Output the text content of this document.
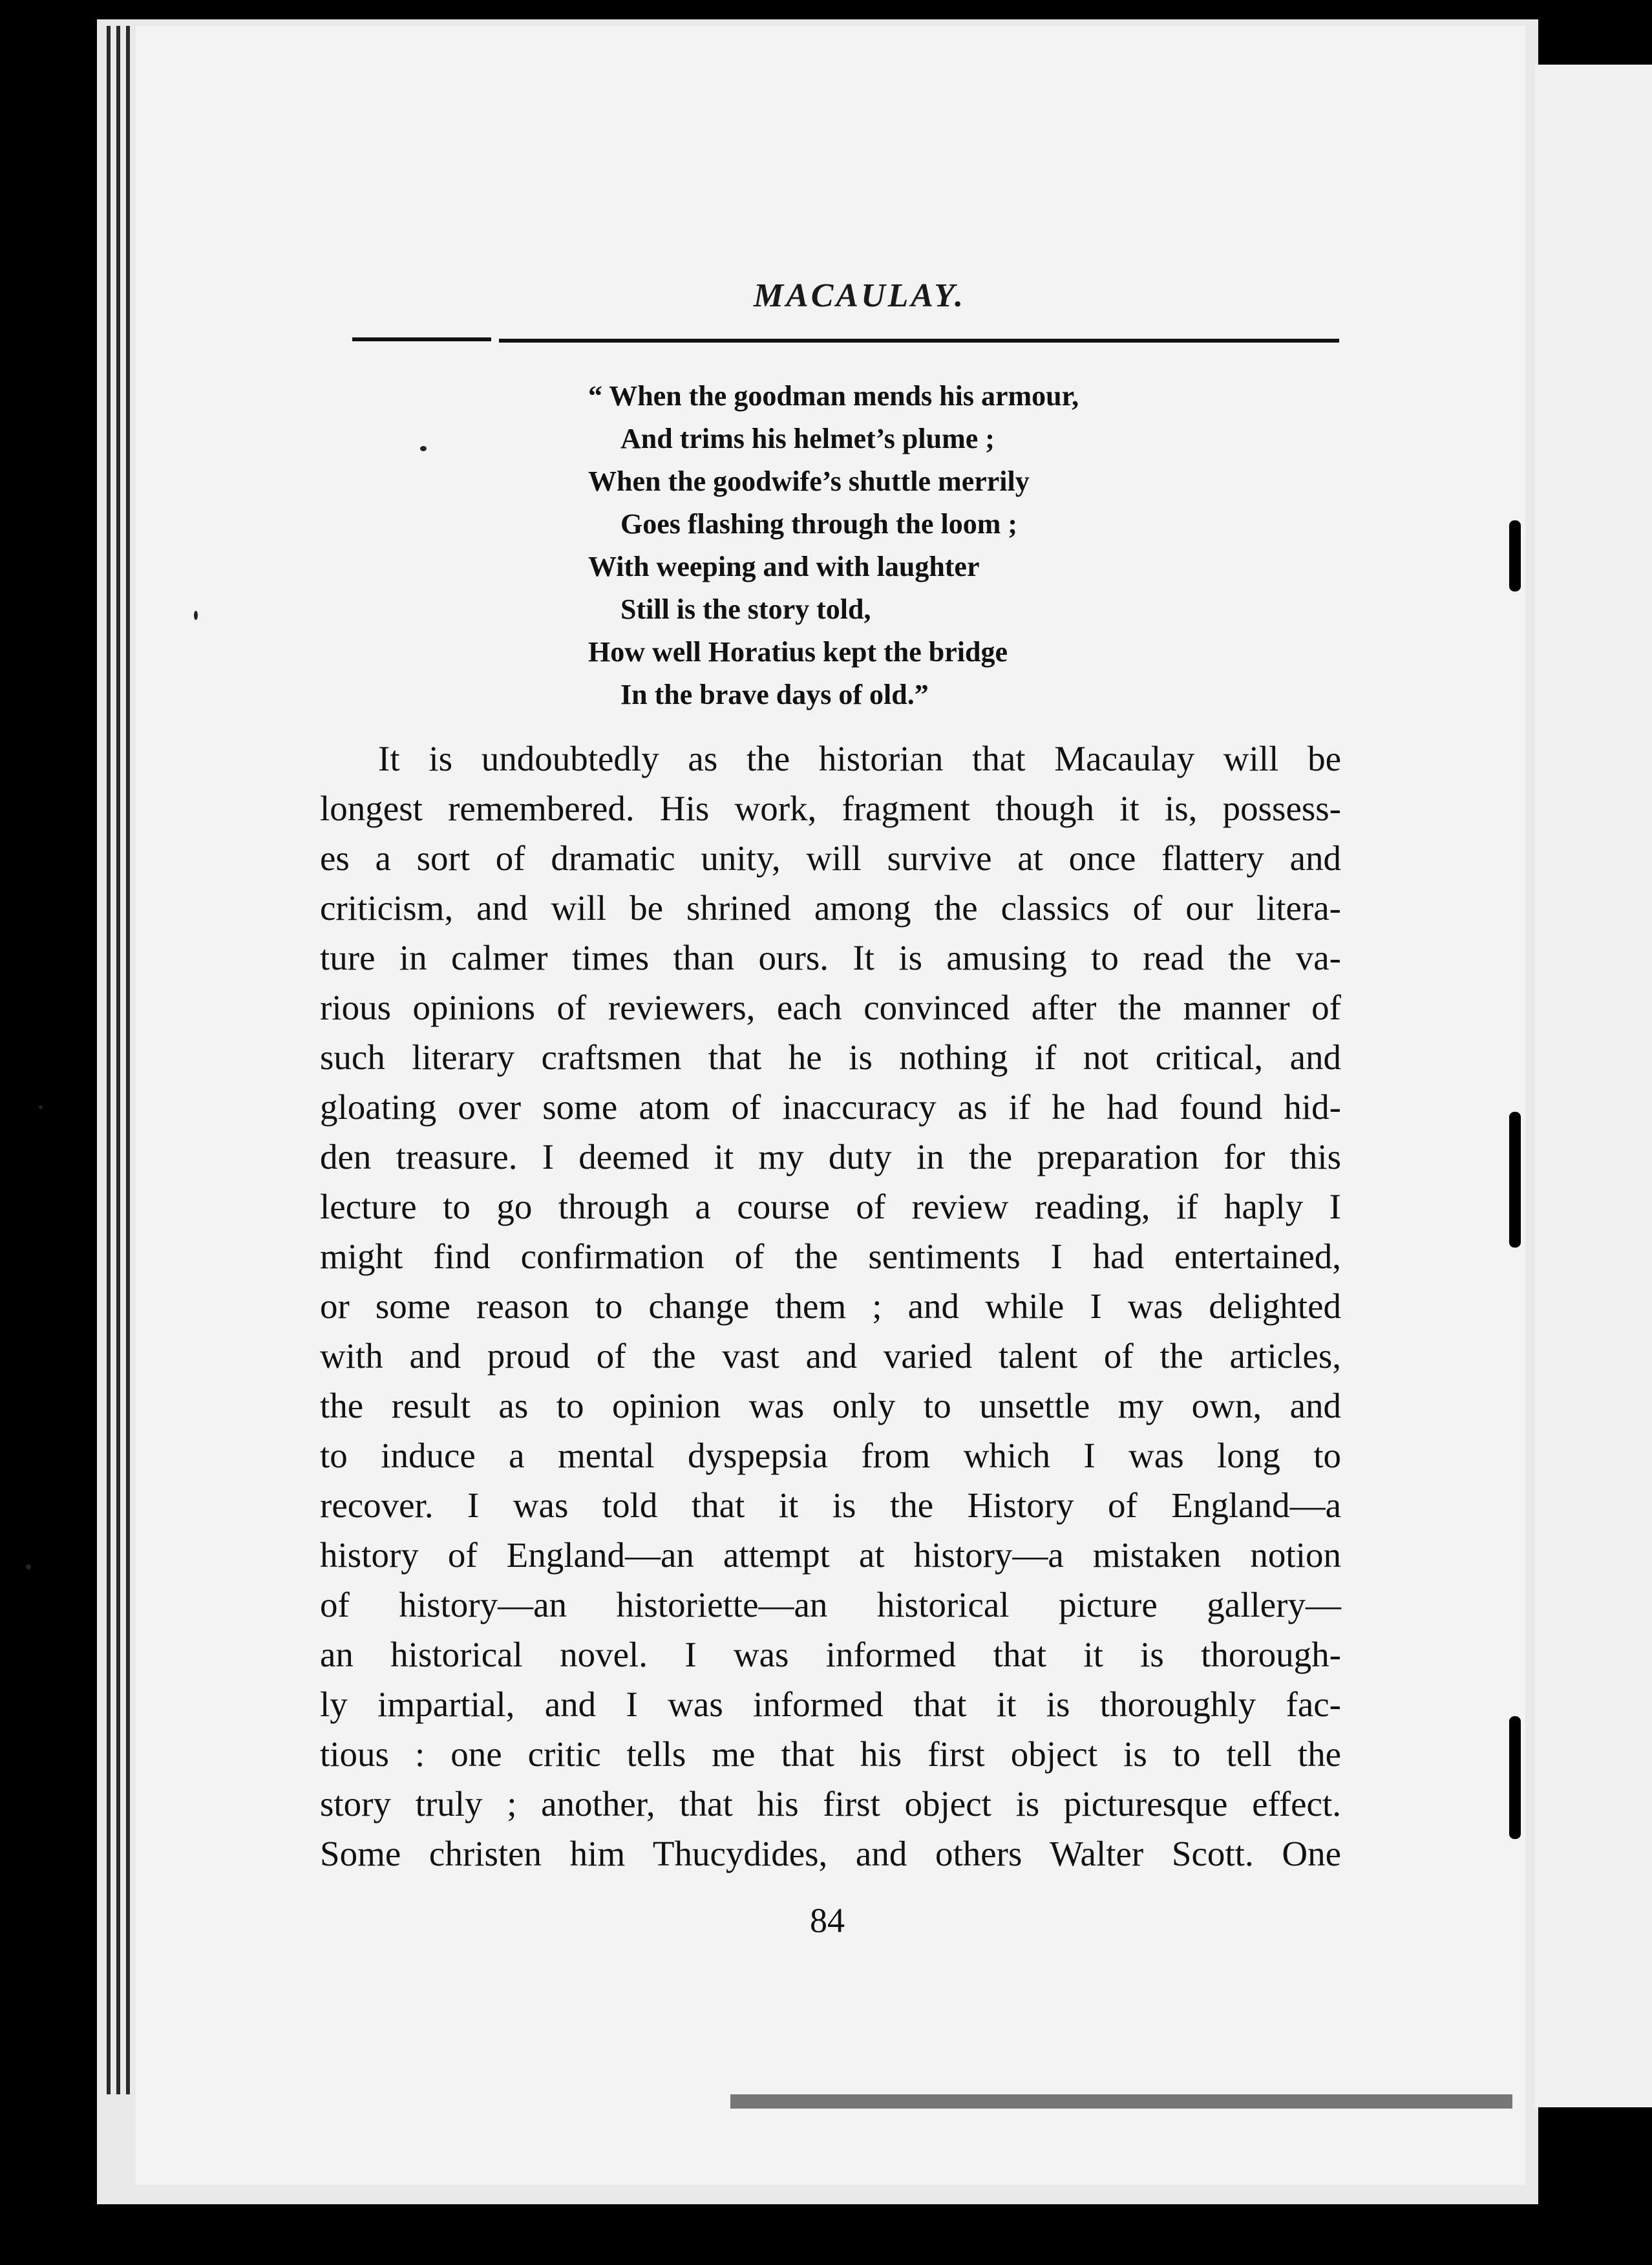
MACAULAY.
“ When the goodman mends his armour,
And trims his helmet’s plume ;
When the goodwife’s shuttle merrily
Goes flashing through the loom ;
With weeping and with laughter
Still is the story told,
How well Horatius kept the bridge
In the brave days of old.”
It is undoubtedly as the historian that Macaulay will be
longest remembered. His work, fragment though it is, possess-
es a sort of dramatic unity, will survive at once flattery and
criticism, and will be shrined among the classics of our litera-
ture in calmer times than ours. It is amusing to read the va-
rious opinions of reviewers, each convinced after the manner of
such literary craftsmen that he is nothing if not critical, and
gloating over some atom of inaccuracy as if he had found hid-
den treasure. I deemed it my duty in the preparation for this
lecture to go through a course of review reading, if haply I
might find confirmation of the sentiments I had entertained,
or some reason to change them ; and while I was delighted
with and proud of the vast and varied talent of the articles,
the result as to opinion was only to unsettle my own, and
to induce a mental dyspepsia from which I was long to
recover. I was told that it is the History of England—a
history of England—an attempt at history—a mistaken notion
of history—an historiette—an historical picture gallery—
an historical novel. I was informed that it is thorough-
ly impartial, and I was informed that it is thoroughly fac-
tious : one critic tells me that his first object is to tell the
story truly ; another, that his first object is picturesque effect.
Some christen him Thucydides, and others Walter Scott. One

84
